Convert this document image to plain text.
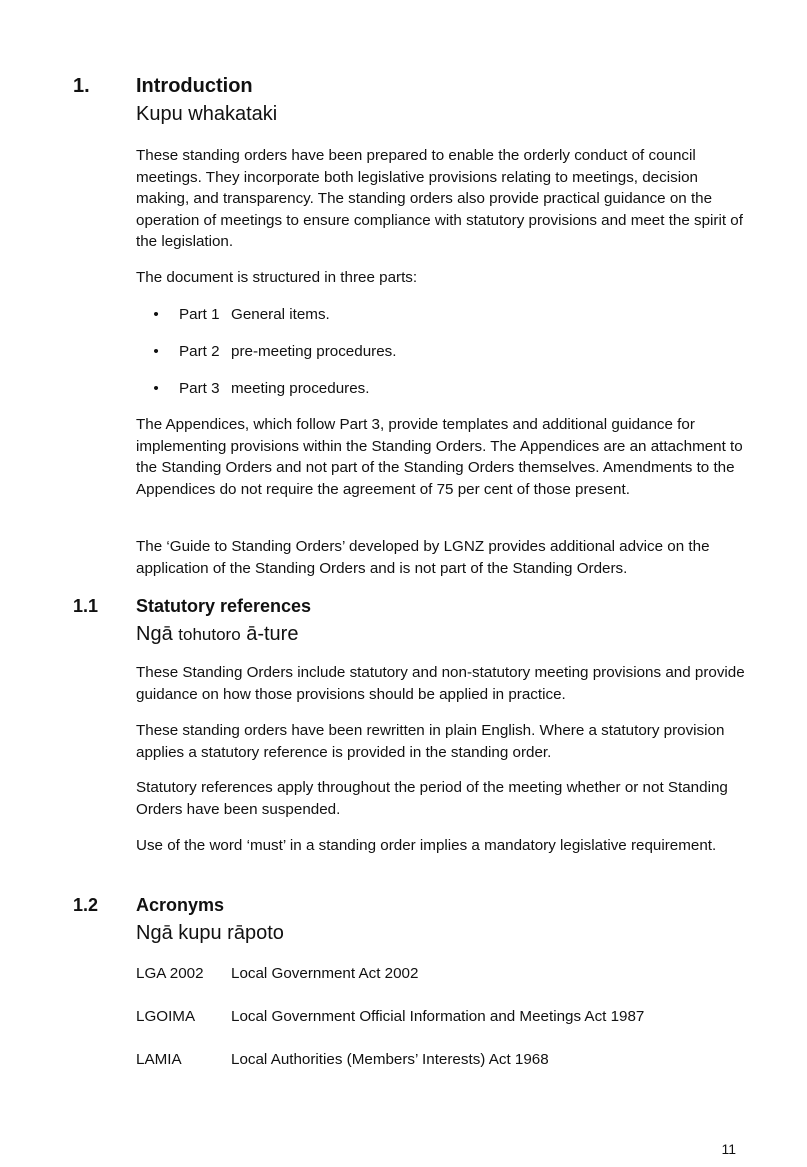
1. Introduction

Kupu whakataki

These standing orders have been prepared to enable the orderly conduct of council meetings. They incorporate both legislative provisions relating to meetings, decision making, and transparency. The standing orders also provide practical guidance on the operation of meetings to ensure compliance with statutory provisions and meet the spirit of the legislation.

The document is structured in three parts:

• Part 1 General items.
• Part 2 pre-meeting procedures.
• Part 3 meeting procedures.

The Appendices, which follow Part 3, provide templates and additional guidance for implementing provisions within the Standing Orders. The Appendices are an attachment to the Standing Orders and not part of the Standing Orders themselves. Amendments to the Appendices do not require the agreement of 75 per cent of those present.

The ‘Guide to Standing Orders’ developed by LGNZ provides additional advice on the application of the Standing Orders and is not part of the Standing Orders.

1.1 Statutory references

Ngā tohutoro ā-ture

These Standing Orders include statutory and non-statutory meeting provisions and provide guidance on how those provisions should be applied in practice.

These standing orders have been rewritten in plain English. Where a statutory provision applies a statutory reference is provided in the standing order.

Statutory references apply throughout the period of the meeting whether or not Standing Orders have been suspended.

Use of the word ‘must’ in a standing order implies a mandatory legislative requirement.

1.2 Acronyms

Ngā kupu rāpoto

LGA 2002 Local Government Act 2002
LGOIMA Local Government Official Information and Meetings Act 1987
LAMIA	Local Authorities (Members’ Interests) Act 1968
11
